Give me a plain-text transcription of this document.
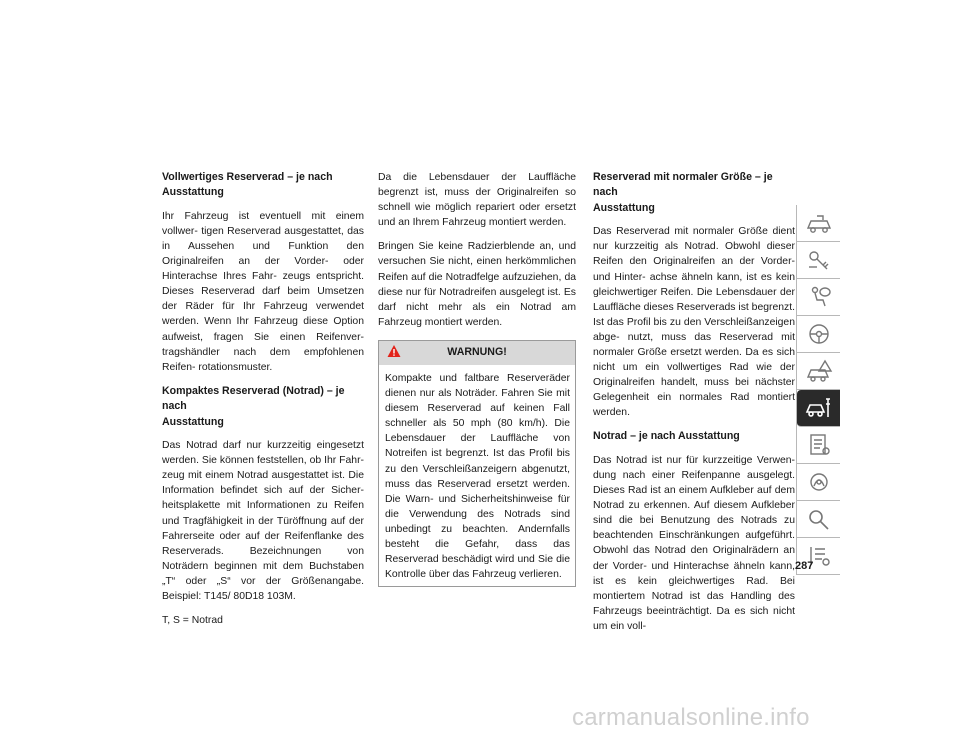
Vollwertiges Reserverad – je nach
Ausstattung

Ihr Fahrzeug ist eventuell mit einem vollwer- tigen Reserverad ausgestattet, das in Aussehen und Funktion den Originalreifen an der Vorder- oder Hinterachse Ihres Fahr- zeugs entspricht. Dieses Reserverad darf beim Umsetzen der Räder für Ihr Fahrzeug verwendet werden. Wenn Ihr Fahrzeug diese Option aufweist, fragen Sie einen Reifenver- tragshändler nach dem empfohlenen Reifen- rotationsmuster.

Kompaktes Reserverad (Notrad) – je nach
Ausstattung

Das Notrad darf nur kurzzeitig eingesetzt werden. Sie können feststellen, ob Ihr Fahr- zeug mit einem Notrad ausgestattet ist. Die Information befindet sich auf der Sicher- heitsplakette mit Informationen zu Reifen und Tragfähigkeit in der Türöffnung auf der Fahrerseite oder auf der Reifenflanke des Reserverads. Bezeichnungen von Noträdern beginnen mit dem Buchstaben „T“ oder „S“ vor der Größenangabe. Beispiel: T145/ 80D18 103M.

T, S = Notrad

Da die Lebensdauer der Lauffläche begrenzt ist, muss der Originalreifen so schnell wie möglich repariert oder ersetzt und an Ihrem Fahrzeug montiert werden.

Bringen Sie keine Radzierblende an, und versuchen Sie nicht, einen herkömmlichen Reifen auf die Notradfelge aufzuziehen, da diese nur für Notradreifen ausgelegt ist. Es darf nicht mehr als ein Notrad am Fahrzeug montiert werden.

WARNUNG!

Kompakte und faltbare Reserveräder dienen nur als Noträder. Fahren Sie mit diesem Reserverad auf keinen Fall schneller als 50 mph (80 km/h). Die Lebensdauer der Lauffläche von Notreifen ist begrenzt. Ist das Profil bis zu den Verschleißanzeigern abgenutzt, muss das Reserverad ersetzt werden. Die Warn- und Sicherheitshinweise für die Verwendung des Notrads sind unbedingt zu beachten. Andernfalls besteht die Gefahr, dass das Reserverad beschädigt wird und Sie die Kontrolle über das Fahrzeug verlieren.

Reserverad mit normaler Größe – je nach
Ausstattung

Das Reserverad mit normaler Größe dient nur kurzzeitig als Notrad. Obwohl dieser Reifen den Originalreifen an der Vorder- und Hinter- achse ähneln kann, ist es kein gleichwertiger Reifen. Die Lebensdauer der Lauffläche dieses Reserverads ist begrenzt. Ist das Profil bis zu den Verschleißanzeigen abge- nutzt, muss das Reserverad mit normaler Größe ersetzt werden. Da es sich nicht um ein vollwertiges Rad wie der Originalreifen handelt, muss bei nächster Gelegenheit ein normales Rad montiert werden.

Notrad – je nach Ausstattung

Das Notrad ist nur für kurzzeitige Verwen- dung nach einer Reifenpanne ausgelegt. Dieses Rad ist an einem Aufkleber auf dem Notrad zu erkennen. Auf diesem Aufkleber sind die bei Benutzung des Notrads zu beachtenden Einschränkungen aufgeführt. Obwohl das Notrad den Originalrädern an der Vorder- und Hinterachse ähneln kann, ist es kein gleichwertiges Rad. Bei montiertem Notrad ist das Handling des Fahrzeugs beeinträchtigt. Da es sich nicht um ein voll-

287
carmanualsonline.info
